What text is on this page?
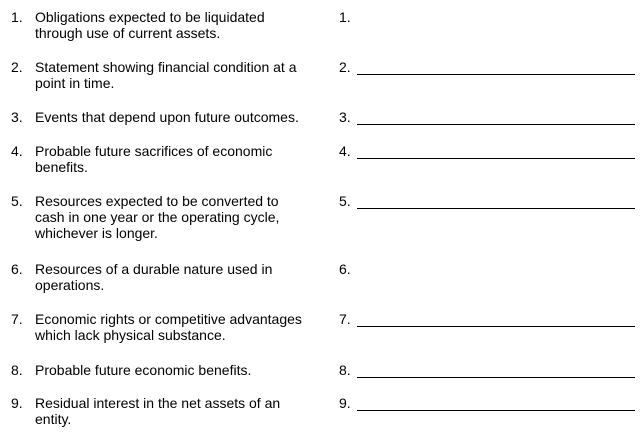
1. Obligations expected to be liquidated
through use of current assets.
1.
2. Statement showing financial condition at a
point in time.
2.
3. Events that depend upon future outcomes.	3.
4. Probable future sacrifices of economic
benefits.
4.
5. Resources expected to be converted to
cash in one year or the operating cycle,
whichever is longer.
5.
6. Resources of a durable nature used in
operations.
6.
7. Economic rights or competitive advantages
which lack physical substance.
7.
8. Probable future economic benefits.	8.
9. Residual interest in the net assets of an
entity.
9.
